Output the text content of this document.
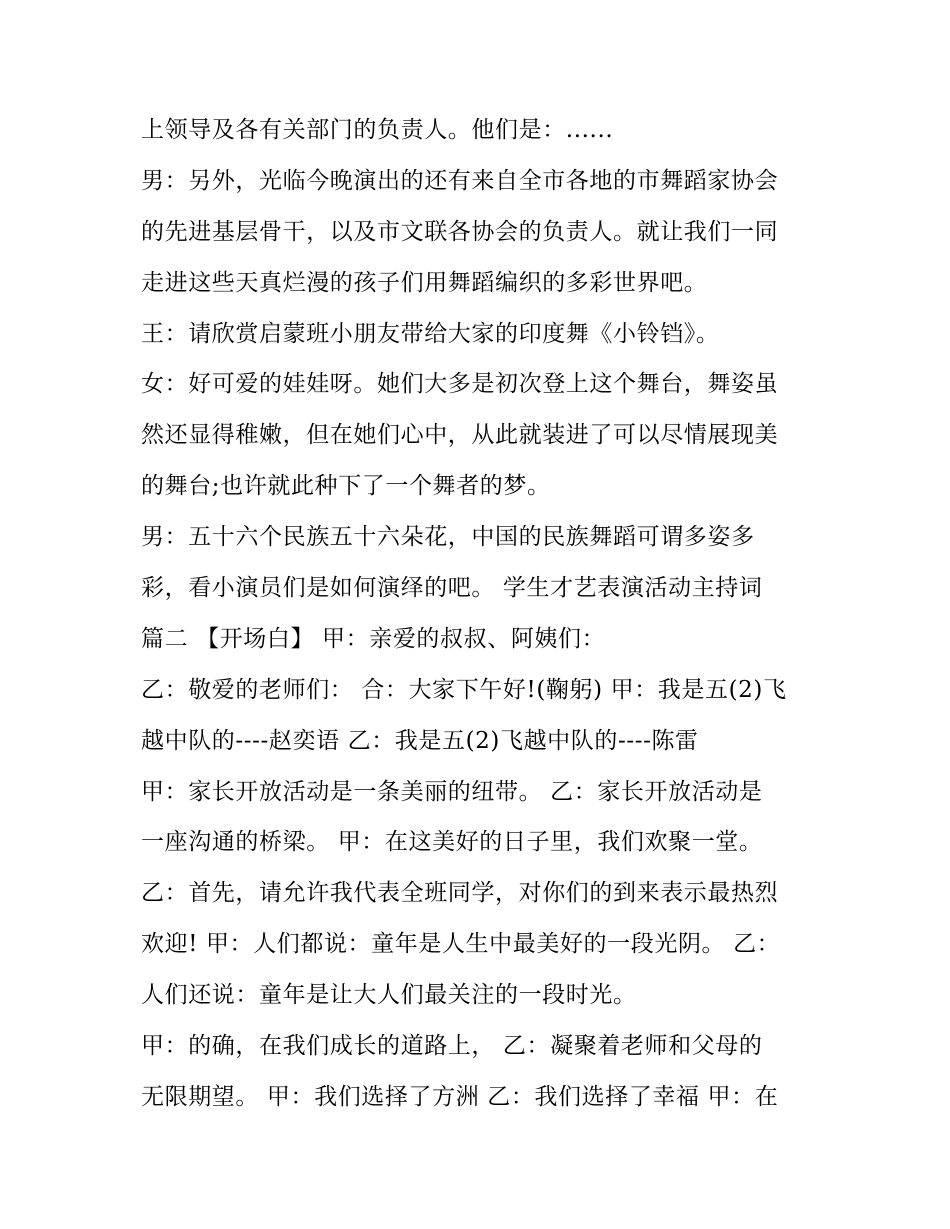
上领导及各有关部门的负责人。他们是：......
男：另外，光临今晚演出的还有来自全市各地的市舞蹈家协会
的先进基层骨干，以及市文联各协会的负责人。就让我们一同
走进这些天真烂漫的孩子们用舞蹈编织的多彩世界吧。
王：请欣赏启蒙班小朋友带给大家的印度舞《小铃铛》。
女：好可爱的娃娃呀。她们大多是初次登上这个舞台，舞姿虽
然还显得稚嫩，但在她们心中，从此就装进了可以尽情展现美
的舞台;也许就此种下了一个舞者的梦。
男：五十六个民族五十六朵花，中国的民族舞蹈可谓多姿多
彩，看小演员们是如何演绎的吧。 学生才艺表演活动主持词
篇二 【开场白】 甲：亲爱的叔叔、阿姨们：
乙：敬爱的老师们： 合：大家下午好!(鞠躬) 甲：我是五(2)飞
越中队的----赵奕语 乙：我是五(2)飞越中队的----陈雷
甲：家长开放活动是一条美丽的纽带。 乙：家长开放活动是
一座沟通的桥梁。 甲：在这美好的日子里，我们欢聚一堂。
乙：首先，请允许我代表全班同学，对你们的到来表示最热烈
欢迎! 甲：人们都说：童年是人生中最美好的一段光阴。 乙：
人们还说：童年是让大人们最关注的一段时光。
甲：的确，在我们成长的道路上， 乙：凝聚着老师和父母的
无限期望。 甲：我们选择了方洲 乙：我们选择了幸福 甲：在
